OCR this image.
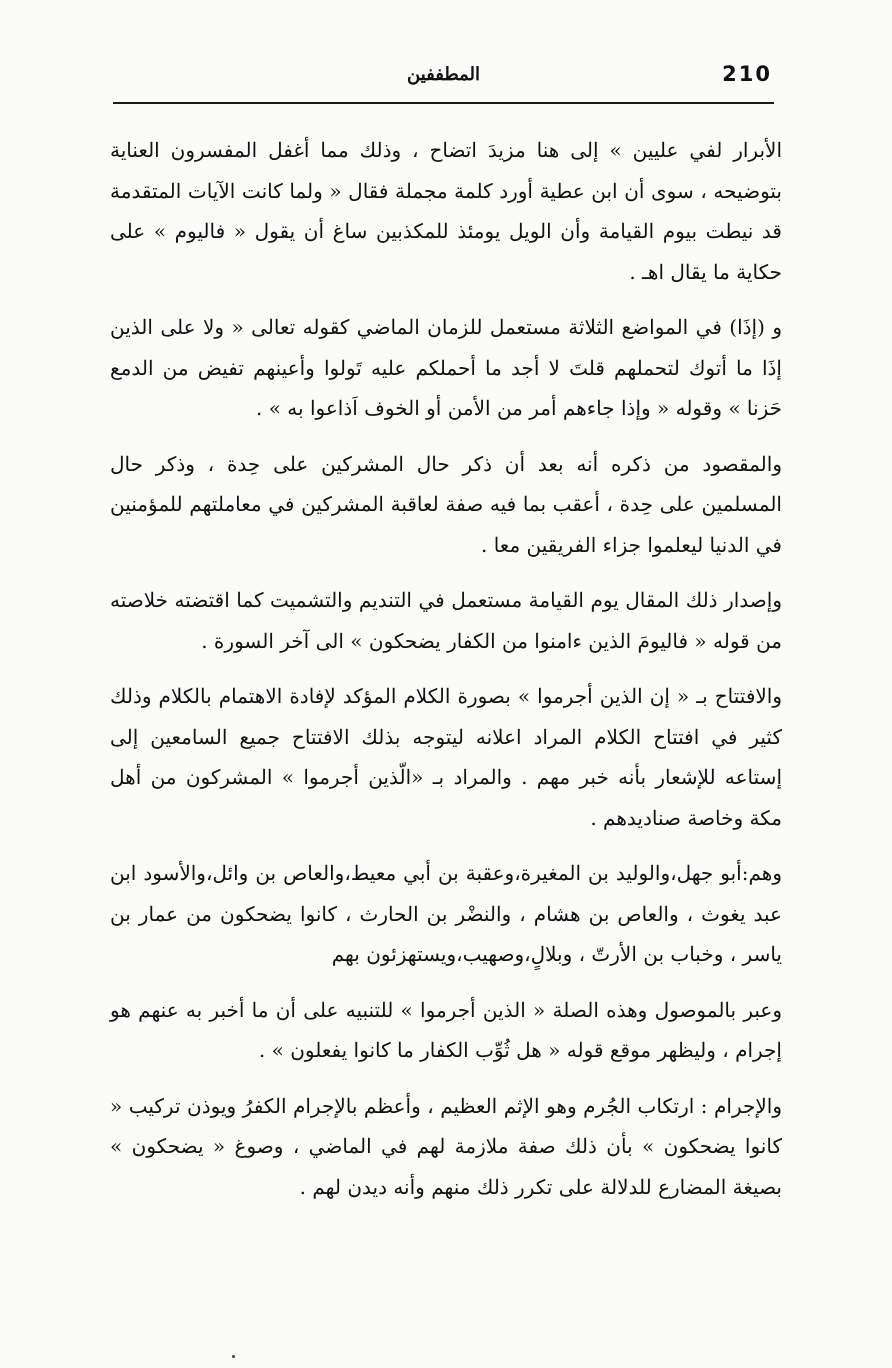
210
المطففين

الأبرار لفي عليين » إلى هنا مزيدَ اتضاح ، وذلك مما أغفل المفسرون العناية بتوضيحه ، سوى أن ابن عطية أورد كلمة مجملة فقال « ولما كانت الآيات المتقدمة قد نيطت بيوم القيامة وأن الويل يومئذ للمكذبين ساغ أن يقول « فاليوم » على حكاية ما يقال اهـ .

و (إذَا) في المواضع الثلاثة مستعمل للزمان الماضي كقوله تعالى « ولا على الذين إذَا ما أتوك لتحملهم قلتَ لا أجد ما أحملكم عليه تَولوا وأعينهم تفيض من الدمع حَزنا » وقوله « وإذا جاءهم أمر من الأمن أو الخوف اَذاعوا به » .

والمقصود من ذكره أنه بعد أن ذكر حال المشركين على حِدة ، وذكر حال المسلمين على حِدة ، أعقب بما فيه صفة لعاقبة المشركين في معاملتهم للمؤمنين في الدنيا ليعلموا جزاء الفريقين معا .

وإصدار ذلك المقال يوم القيامة مستعمل في التنديم والتشميت كما اقتضته خلاصته من قوله « فاليومَ الذين ءامنوا من الكفار يضحكون » الى آخر السورة .

والافتتاح بـ « إن الذين أجرموا » بصورة الكلام المؤكد لإفادة الاهتمام بالكلام وذلك كثير في افتتاح الكلام المراد اعلانه ليتوجه بذلك الافتتاح جميع السامعين إلى إستاعه للإشعار بأنه خبر مهم . والمراد بـ «الّذين أجرموا » المشركون من أهل مكة وخاصة صناديدهم .

وهم:أبو جهل،والوليد بن المغيرة،وعقبة بن أبي معيط،والعاص بن وائل،والأسود ابن عبد يغوث ، والعاص بن هشام ، والنضْر بن الحارث ، كانوا يضحكون من عمار بن ياسر ، وخباب بن الأرتّ ، وبلالٍ،وصهيب،ويستهزئون بهم

وعبر بالموصول وهذه الصلة « الذين أجرموا » للتنبيه على أن ما أخبر به عنهم هو إجرام ، وليظهر موقع قوله « هل ثُوِّب الكفار ما كانوا يفعلون » .

والإجرام : ارتكاب الجُرم وهو الإثم العظيم ، وأعظم بالإجرام الكفرُ ويوذن تركيب « كانوا يضحكون » بأن ذلك صفة ملازمة لهم في الماضي ، وصوغ « يضحكون » بصيغة المضارع للدلالة على تكرر ذلك منهم وأنه ديدن لهم .
